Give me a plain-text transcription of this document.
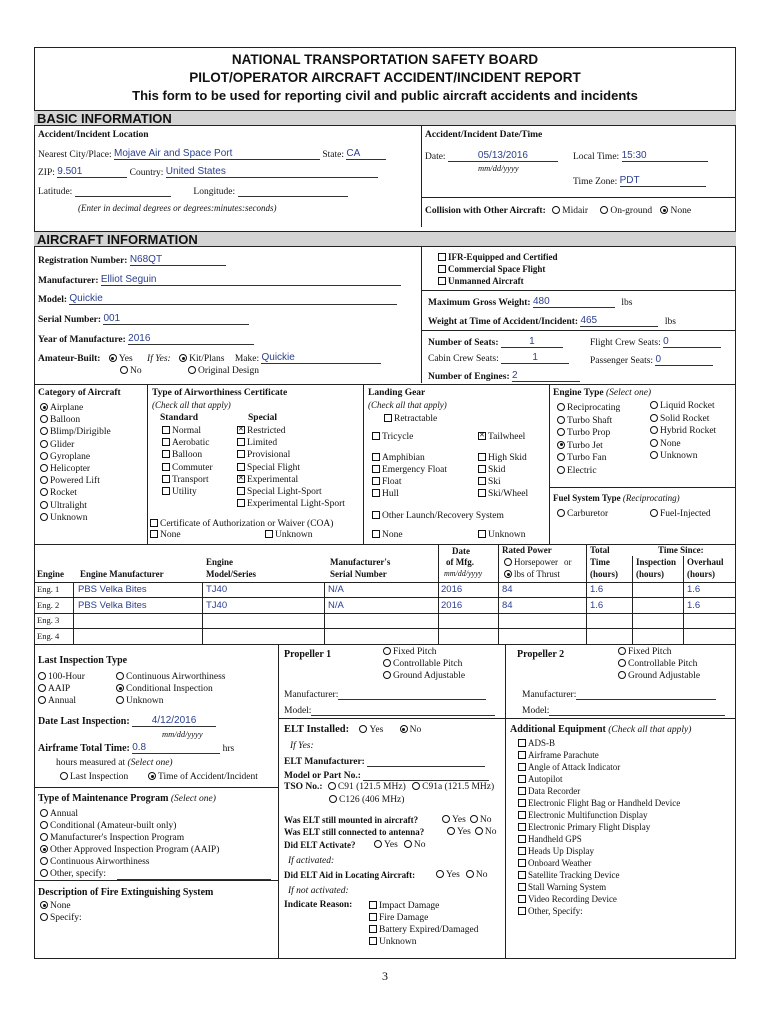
NATIONAL TRANSPORTATION SAFETY BOARD
PILOT/OPERATOR AIRCRAFT ACCIDENT/INCIDENT REPORT
This form to be used for reporting civil and public aircraft accidents and incidents
BASIC INFORMATION
Accident/Incident Location
Nearest City/Place: Mojave Air and Space Port	State: CA
ZIP: 9.501	Country: United States
Latitude:	Longitude:
(Enter in decimal degrees or degrees:minutes:seconds)
Accident/Incident Date/Time
Date:	05/13/2016
mm/dd/yyyy
Local Time: 15:30
Time Zone: PDT
Collision with Other Aircraft: Midair On-ground None
AIRCRAFT INFORMATION
Registration Number: N68QT
Manufacturer: Elliot Seguin
Model: Quickie
Serial Number: 001
Year of Manufacture: 2016
Amateur-Built: Yes If Yes: Kit/Plans Make: Quickie
No	Original Design
IFR-Equipped and Certified
Commercial Space Flight
Unmanned Aircraft
Maximum Gross Weight: 480	lbs
Weight at Time of Accident/Incident: 465	lbs
Number of Seats:	1	Flight Crew Seats: 0
Cabin Crew Seats:	1	Passenger Seats: 0
Number of Engines: 2
Category of Aircraft
Airplane
Balloon
Blimp/Dirigible
Glider
Gyroplane
Helicopter
Powered Lift
Rocket
Ultralight
Unknown
Type of Airworthiness Certificate
(Check all that apply)
Standard	Special
Normal
Aerobatic
Balloon
Commuter
Transport
Utility
✕Restricted
Limited
Provisional
Special Flight
✕Experimental
Special Light-Sport
Experimental Light-Sport
Certificate of Authorization or Waiver (COA)
None	Unknown
Landing Gear
(Check all that apply)
Retractable
Tricycle
✕	Tailwheel
Amphibian	High Skid
Emergency Float	Skid
Float	Ski
Hull	Ski/Wheel
Other Launch/Recovery System
None	Unknown
Engine Type (Select one)
Reciprocating
Turbo Shaft
Turbo Prop
Turbo Jet
Turbo Fan
Electric
Liquid Rocket
Solid Rocket
Hybrid Rocket
None
Unknown
Fuel System Type (Reciprocating)
Carburetor	Fuel-Injected
Engine Engine Manufacturer
Engine
Model/Series
Manufacturer's
Serial Number
Date
of Mfg.
mm/dd/yyyy
Rated Power
Horsepower or
lbs of Thrust
Total
Time
(hours)
Time Since:
Inspection
(hours)
Overhaul
(hours)
Eng. 1 PBS Velka Bites	TJ40	N/A	2016	84	1.6	1.6
Eng. 2 PBS Velka Bites	TJ40	N/A	2016	84	1.6	1.6
Eng. 3
Eng. 4
Last Inspection Type
100-Hour
AAIP
Annual
Continuous Airworthiness
Conditional Inspection
Unknown
Date Last Inspection: 4/12/2016
mm/dd/yyyy
Airframe Total Time: 0.8	hrs
hours measured at (Select one)
Last Inspection	Time of Accident/Incident
Type of Maintenance Program (Select one)
Annual
Conditional (Amateur-built only)
Manufacturer's Inspection Program
Other Approved Inspection Program (AAIP)
Continuous Airworthiness
Other, specify:
Description of Fire Extinguishing System
None
Specify:
Propeller 1	Fixed Pitch
Controllable Pitch
Ground Adjustable
Manufacturer:
Model:
Propeller 2	Fixed Pitch
Controllable Pitch
Ground Adjustable
Manufacturer:
Model:
ELT Installed: Yes	No
If Yes:
ELT Manufacturer:
Model or Part No.:
TSO No.: C91 (121.5 MHz) C91a (121.5 MHz)
C126 (406 MHz)
Was ELT still mounted in aircraft?	Yes No
Was ELT still connected to antenna?	Yes No
Did ELT Activate?	Yes No
If activated:
Did ELT Aid in Locating Aircraft:	Yes No
If not activated:
Indicate Reason:	Impact Damage
Fire Damage
Battery Expired/Damaged
Unknown
Additional Equipment (Check all that apply)
ADS-B
Airframe Parachute
Angle of Attack Indicator
Autopilot
Data Recorder
Electronic Flight Bag or Handheld Device
Electronic Multifunction Display
Electronic Primary Flight Display
Handheld GPS
Heads Up Display
Onboard Weather
Satellite Tracking Device
Stall Warning System
Video Recording Device
Other, Specify:
3
